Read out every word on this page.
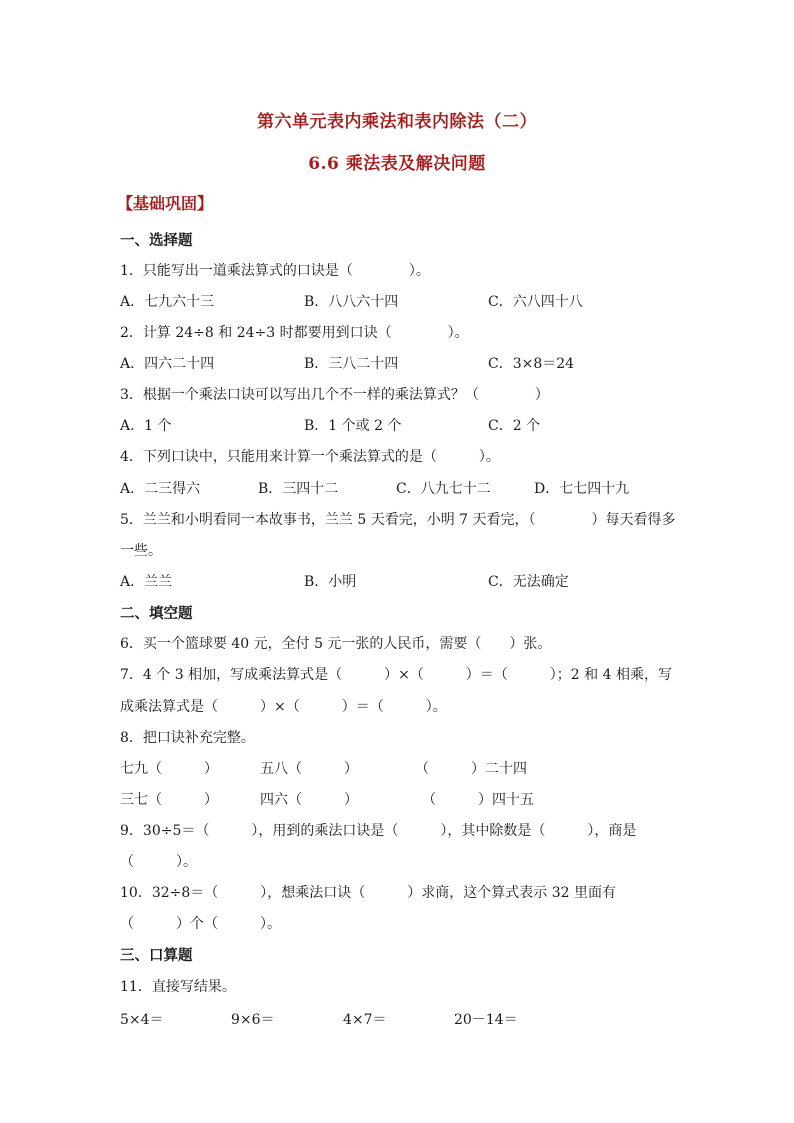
第六单元表内乘法和表内除法（二）
6.6 乘法表及解决问题
【基础巩固】
一、选择题
1．只能写出一道乘法算式的口诀是（　　　　）。
A．七九六十三	B．八八六十四	C．六八四十八
2．计算 24÷8 和 24÷3 时都要用到口诀（　　　　）。
A．四六二十四	B．三八二十四	C．3×8＝24
3．根据一个乘法口诀可以写出几个不一样的乘法算式？（　　　　）
A．1 个	B．1 个或 2 个	C．2 个
4．下列口诀中，只能用来计算一个乘法算式的是（　　　）。
A．二三得六	B．三四十二	C．八九七十二	D．七七四十九
5．兰兰和小明看同一本故事书，兰兰 5 天看完，小明 7 天看完，（　　　　）每天看得多
一些。
A．兰兰	B．小明	C．无法确定
二、填空题
6．买一个篮球要 40 元，全付 5 元一张的人民币，需要（　　）张。
7．4 个 3 相加，写成乘法算式是（　　　）×（　　　）＝（　　　）；2 和 4 相乘，写
成乘法算式是（　　　）×（　　　）＝（　　　）。
8．把口诀补充完整。
七九（　　　）	五八（　　　）	（　　　）二十四
三七（　　　）	四六（　　　）	（　　　）四十五
9．30÷5＝（　　　），用到的乘法口诀是（　　　），其中除数是（　　　），商是
（　　　）。
10．32÷8＝（　　　），想乘法口诀（　　　）求商，这个算式表示 32 里面有
（　　　）个（　　　）。
三、口算题
11．直接写结果。
5×4＝	9×6＝	4×7＝	20－14＝
